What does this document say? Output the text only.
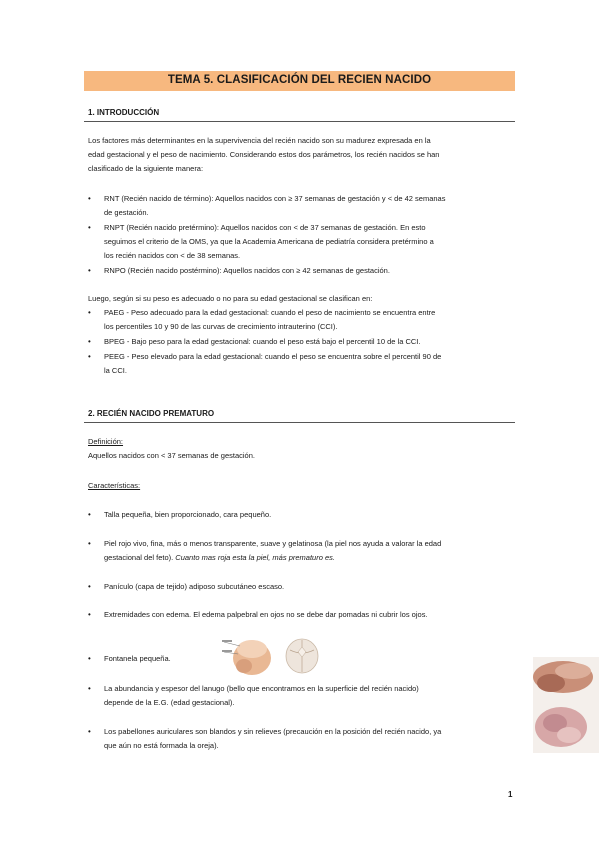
TEMA 5. CLASIFICACIÓN DEL RECIEN NACIDO
1. INTRODUCCIÓN
Los factores más determinantes en la supervivencia del recién nacido son su madurez expresada en la
edad gestacional y el peso de nacimiento. Considerando estos dos parámetros, los recién nacidos se han
clasificado de la siguiente manera:
• RNT (Recién nacido de término): Aquellos nacidos con ≥ 37 semanas de gestación y < de 42 semanas
de gestación.
• RNPT (Recién nacido pretérmino): Aquellos nacidos con < de 37 semanas de gestación. En esto
seguimos el criterio de la OMS, ya que la Academia Americana de pediatría considera pretérmino a
los recién nacidos con < de 38 semanas.
• RNPO (Recién nacido postérmino): Aquellos nacidos con ≥ 42 semanas de gestación.
Luego, según si su peso es adecuado o no para su edad gestacional se clasifican en:
• PAEG - Peso adecuado para la edad gestacional: cuando el peso de nacimiento se encuentra entre
los percentiles 10 y 90 de las curvas de crecimiento intrauterino (CCI).
• BPEG - Bajo peso para la edad gestacional: cuando el peso está bajo el percentil 10 de la CCI.
• PEEG - Peso elevado para la edad gestacional: cuando el peso se encuentra sobre el percentil 90 de
la CCI.
2. RECIÉN NACIDO PREMATURO
Definición:
Aquellos nacidos con < 37 semanas de gestación.
Características:
• Talla pequeña, bien proporcionado, cara pequeño.
• Piel rojo vivo, fina, más o menos transparente, suave y gelatinosa (la piel nos ayuda a valorar la edad
gestacional del feto). Cuanto mas roja esta la piel, más prematuro es.
• Panículo (capa de tejido) adiposo subcutáneo escaso.
• Extremidades con edema. El edema palpebral en ojos no se debe dar pomadas ni cubrir los ojos.
• Fontanela pequeña.
• La abundancia y espesor del lanugo (bello que encontramos en la superficie del recién nacido)
depende de la E.G. (edad gestacional).
• Los pabellones auriculares son blandos y sin relieves (precaución en la posición del recién nacido, ya
que aún no está formada la oreja).
1
